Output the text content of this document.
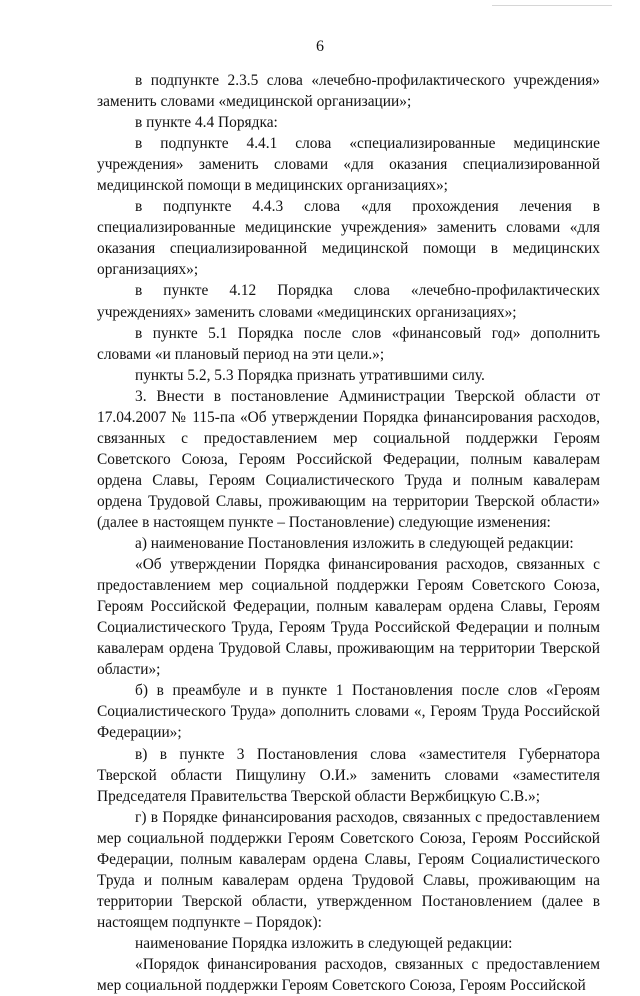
6

в подпункте 2.3.5 слова «лечебно-профилактического учреждения» заменить словами «медицинской организации»;

в пункте 4.4 Порядка:

в подпункте 4.4.1 слова «специализированные медицинские учреждения» заменить словами «для оказания специализированной медицинской помощи в медицинских организациях»;

в подпункте 4.4.3 слова «для прохождения лечения в специализированные медицинские учреждения» заменить словами «для оказания специализированной медицинской помощи в медицинских организациях»;

в пункте 4.12 Порядка слова «лечебно-профилактических учреждениях» заменить словами «медицинских организациях»;

в пункте 5.1 Порядка после слов «финансовый год» дополнить словами «и плановый период на эти цели.»;

пункты 5.2, 5.3 Порядка признать утратившими силу.

3. Внести в постановление Администрации Тверской области от 17.04.2007 № 115-па «Об утверждении Порядка финансирования расходов, связанных с предоставлением мер социальной поддержки Героям Советского Союза, Героям Российской Федерации, полным кавалерам ордена Славы, Героям Социалистического Труда и полным кавалерам ордена Трудовой Славы, проживающим на территории Тверской области» (далее в настоящем пункте – Постановление) следующие изменения:

а) наименование Постановления изложить в следующей редакции:

«Об утверждении Порядка финансирования расходов, связанных с предоставлением мер социальной поддержки Героям Советского Союза, Героям Российской Федерации, полным кавалерам ордена Славы, Героям Социалистического Труда, Героям Труда Российской Федерации и полным кавалерам ордена Трудовой Славы, проживающим на территории Тверской области»;

б) в преамбуле и в пункте 1 Постановления после слов «Героям Социалистического Труда» дополнить словами «, Героям Труда Российской Федерации»;

в) в пункте 3 Постановления слова «заместителя Губернатора Тверской области Пищулину О.И.» заменить словами «заместителя Председателя Правительства Тверской области Вержбицкую С.В.»;

г) в Порядке финансирования расходов, связанных с предоставлением мер социальной поддержки Героям Советского Союза, Героям Российской Федерации, полным кавалерам ордена Славы, Героям Социалистического Труда и полным кавалерам ордена Трудовой Славы, проживающим на территории Тверской области, утвержденном Постановлением (далее в настоящем подпункте – Порядок):

наименование Порядка изложить в следующей редакции:

«Порядок финансирования расходов, связанных с предоставлением мер социальной поддержки Героям Советского Союза, Героям Российской
